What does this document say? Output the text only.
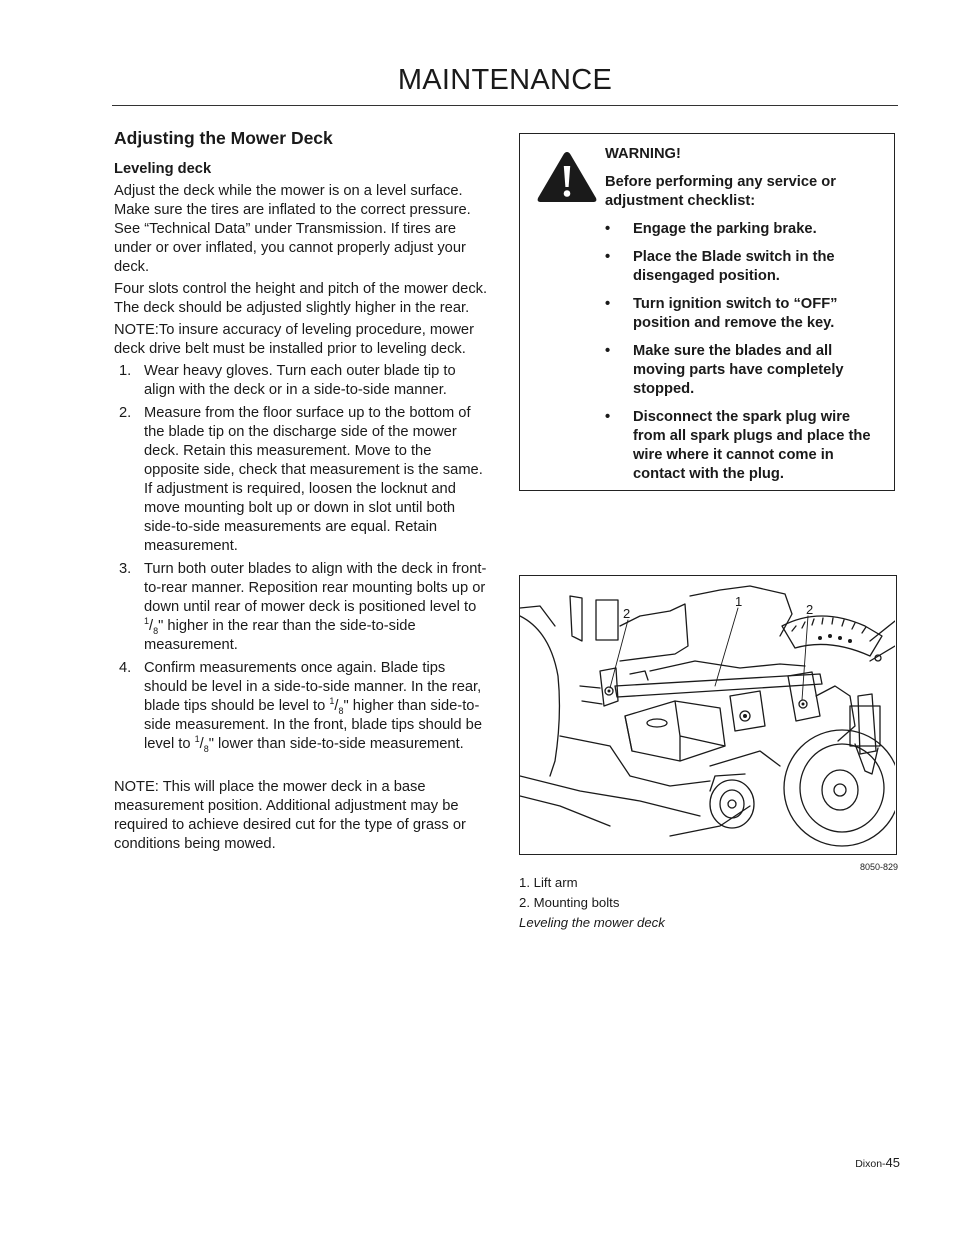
MAINTENANCE
Adjusting the Mower Deck
Leveling deck

Adjust the deck while the mower is on a level surface. Make sure the tires are inflated to the correct pressure. See “Technical Data” under Transmission. If tires are under or over inflated, you cannot properly adjust your deck.

Four slots control the height and pitch of the mower deck. The deck should be adjusted slightly higher in the rear.

NOTE:To insure accuracy of leveling procedure, mower deck drive belt must be installed prior to leveling deck.

1. Wear heavy gloves. Turn each outer blade tip to align with the deck or in a side-to-side manner.
2. Measure from the floor surface up to the bottom of the blade tip on the discharge side of the mower deck. Retain this measurement. Move to the opposite side, check that measurement is the same. If adjustment is required, loosen the locknut and move mounting bolt up or down in slot until both side-to-side measurements are equal. Retain measurement.
3. Turn both outer blades to align with the deck in front-to-rear manner. Reposition rear mounting bolts up or down until rear of mower deck is positioned level to $^1/_8$" higher in the rear than the side-to-side measurement.
4. Confirm measurements once again. Blade tips should be level in a side-to-side manner. In the rear, blade tips should be level to $^1/_8$" higher than side-to-side measurement. In the front, blade tips should be level to $^1/_8$" lower than side-to-side measurement.

NOTE: This will place the mower deck in a base measurement position. Additional adjustment may be required to achieve desired cut for the type of grass or conditions being mowed.

WARNING!

Before performing any service or adjustment checklist:

• Engage the parking brake.
• Place the Blade switch in the disengaged position.
• Turn ignition switch to “OFF” position and remove the key.
• Make sure the blades and all moving parts have completely stopped.
• Disconnect the spark plug wire from all spark plugs and place the wire where it cannot come in contact with the plug.
2
1
2
8050-829
1. Lift arm
2. Mounting bolts
Leveling the mower deck
Dixon-45
